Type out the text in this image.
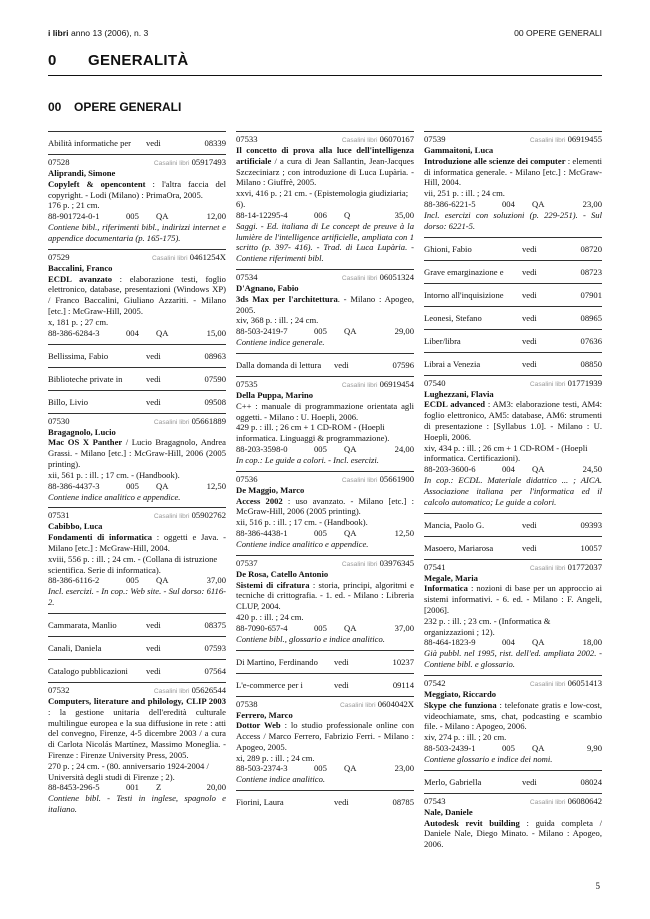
i libri anno 13 (2006), n. 3	00 OPERE GENERALI
0 GENERALITÀ
00 OPERE GENERALI
Abilità informatiche per vedi	08339
07528	Casalini libri 05917493
Aliprandi, Simone
Copyleft & opencontent : l'altra faccia del copyright. - Lodi (Milano) : PrimaOra, 2005.
176 p. ; 21 cm.
88-901724-0-1	005 QA	12,00
Contiene bibl., riferimenti bibl., indirizzi internet e appendice documentaria (p. 165-175).
07529	Casalini libri 0461254X
Baccalini, Franco
ECDL avanzato : elaborazione testi, foglio elettronico, database, presentazioni (Windows XP) / Franco Baccalini, Giuliano Azzariti. - Milano [etc.] : McGraw-Hill, 2005.
x, 181 p. ; 27 cm.
88-386-6284-3	004 QA	15,00
Bellissima, Fabio	vedi	08963
Biblioteche private in	vedi	07590
Billo, Livio	vedi	09508
07530	Casalini libri 05661889
Bragagnolo, Lucio
Mac OS X Panther / Lucio Bragagnolo, Andrea Grassi. - Milano [etc.] : McGraw-Hill, 2006 (2005 printing).
xii, 561 p. : ill. ; 17 cm. - (Handbook).
88-386-4437-3	005 QA	12,50
Contiene indice analitico e appendice.
07531	Casalini libri 05902762
Cabibbo, Luca
Fondamenti di informatica : oggetti e Java. - Milano [etc.] : McGraw-Hill, 2004.
xviii, 556 p. : ill. ; 24 cm. - (Collana di istruzione scientifica. Serie di informatica).
88-386-6116-2	005 QA	37,00
Incl. esercizi. - In cop.: Web site. - Sul dorso: 6116-2.
Cammarata, Manlio	vedi	08375
Canali, Daniela	vedi	07593
Catalogo pubblicazioni vedi	07564
07532	Casalini libri 05626544
Computers, literature and philology, CLIP 2003 : la gestione unitaria dell'eredità culturale multilingue europea e la sua diffusione in rete : atti del convegno, Firenze, 4-5 dicembre 2003 / a cura di Carlota Nicolás Martínez, Massimo Moneglia. - Firenze : Firenze University Press, 2005.
270 p. ; 24 cm. - (80. anniversario 1924-2004 / Università degli studi di Firenze ; 2).
88-8453-296-5	001 Z	20,00
Contiene bibl. - Testi in inglese, spagnolo e italiano.
07533	Casalini libri 06070167
Il concetto di prova alla luce dell'intelligenza artificiale / a cura di Jean Sallantin, Jean-Jacques Szczeciniarz ; con introduzione di Luca Lupària. - Milano : Giuffrè, 2005.
xxvi, 416 p. ; 21 cm. - (Epistemologia giudiziaria; 6).
88-14-12295-4	006 Q	35,00
Saggi. - Ed. italiana di Le concept de preuve à la lumière de l'intelligence artificielle, ampliata con 1 scritto (p. 397- 416). - Trad. di Luca Lupària. - Contiene riferimenti bibl.
07534	Casalini libri 06051324
D'Agnano, Fabio
3ds Max per l'architettura. - Milano : Apogeo, 2005.
xiv, 368 p. : ill. ; 24 cm.
88-503-2419-7	005 QA	29,00
Contiene indice generale.
Dalla domanda di lettura vedi	07596
07535	Casalini libri 06919454
Della Puppa, Marino
C++ : manuale di programmazione orientata agli oggetti. - Milano : U. Hoepli, 2006.
429 p. : ill. ; 26 cm + 1 CD-ROM - (Hoepli informatica. Linguaggi & programmazione).
88-203-3598-0	005 QA	24,00
In cop.: Le guide a colori. - Incl. esercizi.
07536	Casalini libri 05661900
De Maggio, Marco
Access 2002 : uso avanzato. - Milano [etc.] : McGraw-Hill, 2006 (2005 printing).
xii, 516 p. : ill. ; 17 cm. - (Handbook).
88-386-4438-1	005 QA	12,50
Contiene indice analitico e appendice.
07537	Casalini libri 03976345
De Rosa, Catello Antonio
Sistemi di cifratura : storia, principi, algoritmi e tecniche di crittografia. - 1. ed. - Milano : Libreria CLUP, 2004.
420 p. : ill. ; 24 cm.
88-7090-657-4	005 QA	37,00
Contiene bibl., glossario e indice analitico.
Di Martino, Ferdinando vedi	10237
L'e-commerce per i	vedi	09114
07538	Casalini libri 0604042X
Ferrero, Marco
Dottor Web : lo studio professionale online con Access / Marco Ferrero, Fabrizio Ferri. - Milano : Apogeo, 2005.
xi, 289 p. : ill. ; 24 cm.
88-503-2374-3	005 QA	23,00
Contiene indice analitico.
Fiorini, Laura	vedi	08785
07539	Casalini libri 06919455
Gammaitoni, Luca
Introduzione alle scienze dei computer : elementi di informatica generale. - Milano [etc.] : McGraw-Hill, 2004.
vii, 251 p. : ill. ; 24 cm.
88-386-6221-5	004 QA	23,00
Incl. esercizi con soluzioni (p. 229-251). - Sul dorso: 6221-5.
Ghioni, Fabio	vedi	08720
Grave emarginazione e vedi	08723
Intorno all'inquisizione vedi	07901
Leonesi, Stefano	vedi	08965
Liber/libra	vedi	07636
Librai a Venezia	vedi	08850
07540	Casalini libri 01771939
Lughezzani, Flavia
ECDL advanced : AM3: elaborazione testi, AM4: foglio elettronico, AM5: database, AM6: strumenti di presentazione : [Syllabus 1.0]. - Milano : U. Hoepli, 2006.
xiv, 434 p. : ill. ; 26 cm + 1 CD-ROM - (Hoepli informatica. Certificazioni).
88-203-3600-6	004 QA	24,50
In cop.: ECDL. Materiale didattico ... ; AICA. Associazione italiana per l'informatica ed il calcolo automatico; Le guide a colori.
Mancia, Paolo G.	vedi	09393
Masoero, Mariarosa	vedi	10057
07541	Casalini libri 01772037
Megale, Maria
Informatica : nozioni di base per un approccio ai sistemi informativi. - 6. ed. - Milano : F. Angeli, [2006].
232 p. : ill. ; 23 cm. - (Informatica & organizzazioni ; 12).
88-464-1823-9	004 QA	18,00
Già pubbl. nel 1995, rist. dell'ed. ampliata 2002. - Contiene bibl. e glossario.
07542	Casalini libri 06051413
Meggiato, Riccardo
Skype che funziona : telefonate gratis e low-cost, videochiamate, sms, chat, podcasting e scambio file. - Milano : Apogeo, 2006.
xiv, 274 p. : ill. ; 20 cm.
88-503-2439-1	005 QA	9,90
Contiene glossario e indice dei nomi.
Merlo, Gabriella	vedi	08024
07543	Casalini libri 06080642
Nale, Daniele
Autodesk revit building : guida completa / Daniele Nale, Diego Minato. - Milano : Apogeo, 2006.
5
